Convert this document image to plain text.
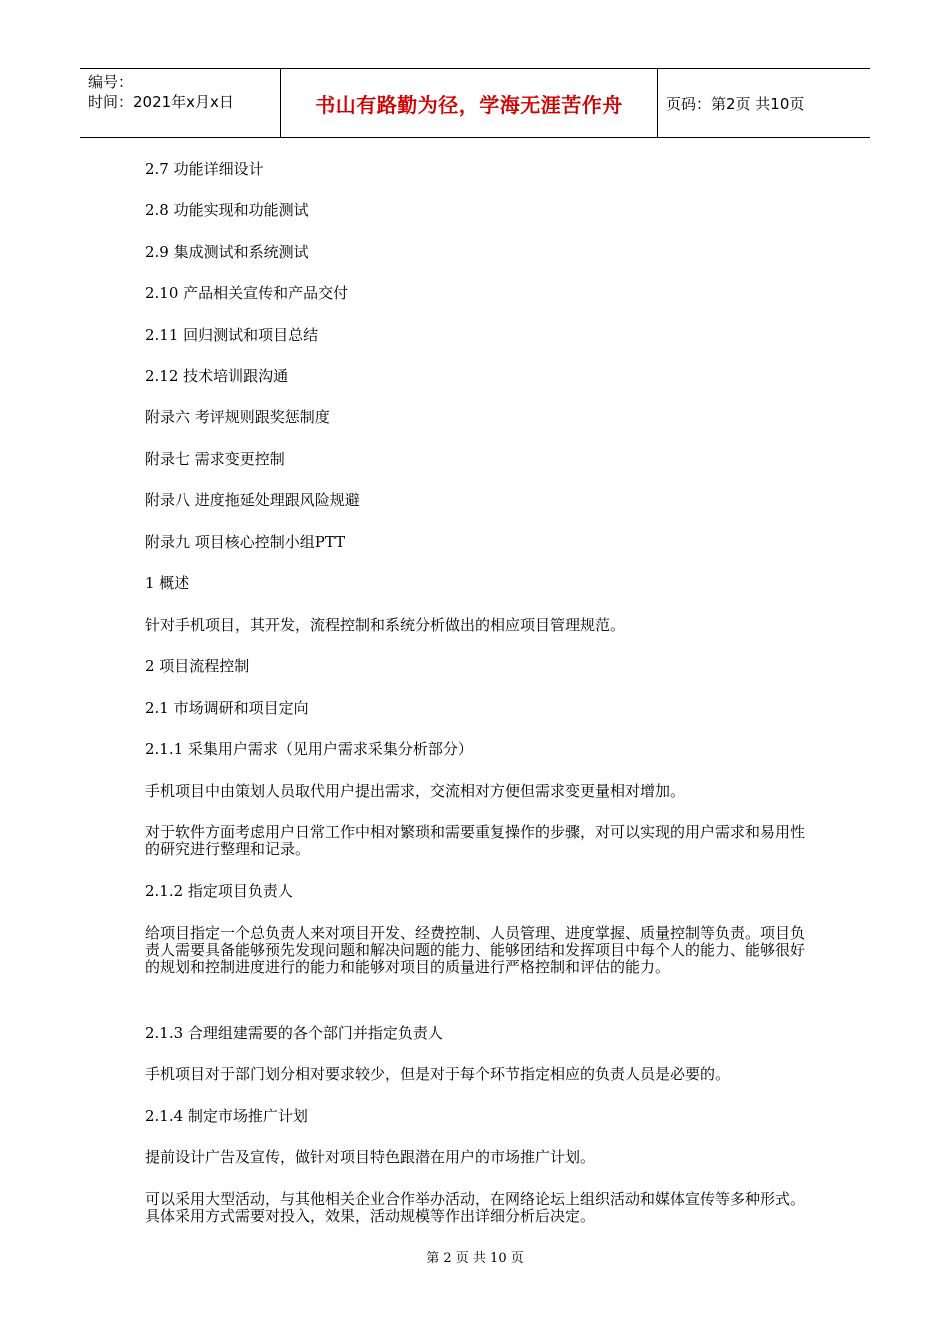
编号：
时间：2021年x月x日	书山有路勤为径，学海无涯苦作舟	页码：第2页 共10页

2.7 功能详细设计

2.8 功能实现和功能测试

2.9 集成测试和系统测试

2.10 产品相关宣传和产品交付

2.11 回归测试和项目总结

2.12 技术培训跟沟通

附录六 考评规则跟奖惩制度

附录七 需求变更控制

附录八 进度拖延处理跟风险规避

附录九 项目核心控制小组PTT

1 概述

针对手机项目，其开发，流程控制和系统分析做出的相应项目管理规范。

2 项目流程控制

2.1 市场调研和项目定向

2.1.1 采集用户需求（见用户需求采集分析部分）

手机项目中由策划人员取代用户提出需求，交流相对方便但需求变更量相对增加。

对于软件方面考虑用户日常工作中相对繁琐和需要重复操作的步骤，对可以实现的用户需求和易用性的研究进行整理和记录。

2.1.2 指定项目负责人

给项目指定一个总负责人来对项目开发、经费控制、人员管理、进度掌握、质量控制等负责。项目负责人需要具备能够预先发现问题和解决问题的能力、能够团结和发挥项目中每个人的能力、能够很好的规划和控制进度进行的能力和能够对项目的质量进行严格控制和评估的能力。

2.1.3 合理组建需要的各个部门并指定负责人

手机项目对于部门划分相对要求较少，但是对于每个环节指定相应的负责人员是必要的。

2.1.4 制定市场推广计划

提前设计广告及宣传，做针对项目特色跟潜在用户的市场推广计划。

可以采用大型活动，与其他相关企业合作举办活动，在网络论坛上组织活动和媒体宣传等多种形式。具体采用方式需要对投入，效果，活动规模等作出详细分析后决定。

第 2 页 共 10 页
